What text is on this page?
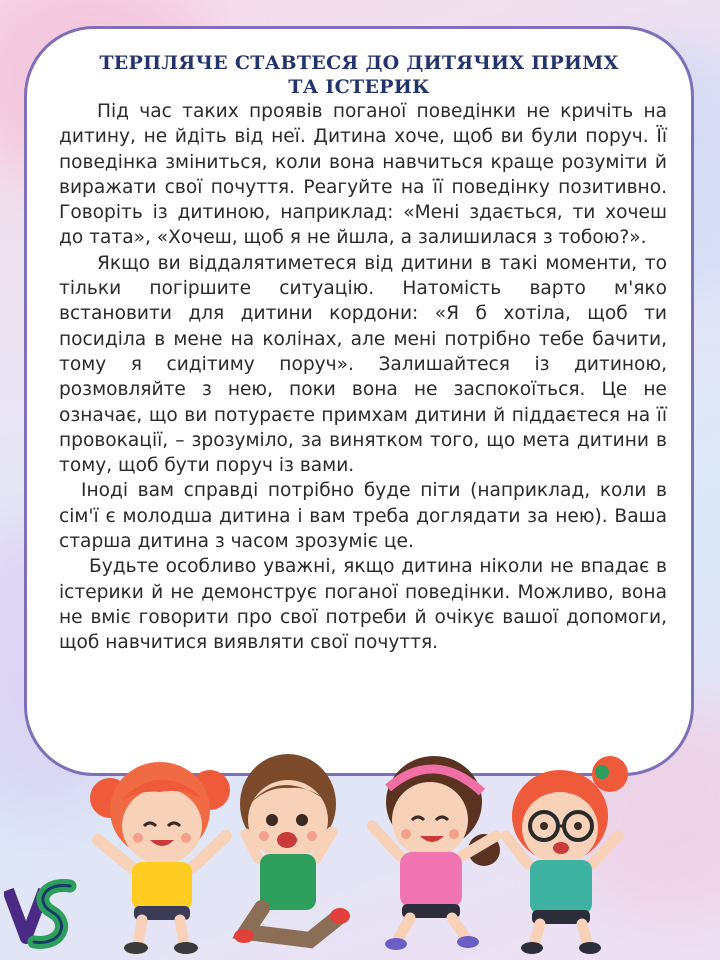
ТЕРПЛЯЧЕ СТАВТЕСЯ ДО ДИТЯЧИХ ПРИМХ
ТА ІСТЕРИК

Під час таких проявів поганої поведінки не кричіть на дитину, не йдіть від неї. Дитина хоче, щоб ви були поруч. Її поведінка зміниться, коли вона навчиться краще розуміти й виражати свої почуття. Реагуйте на її поведінку позитивно. Говоріть із дитиною, наприклад: «Мені здається, ти хочеш до тата», «Хочеш, щоб я не йшла, а залишилася з тобою?».

Якщо ви віддалятиметеся від дитини в такі моменти, то тільки погіршите ситуацію. Натомість варто м'яко встановити для дитини кордони: «Я б хотіла, щоб ти посиділа в мене на колінах, але мені потрібно тебе бачити, тому я сидітиму поруч». Залишайтеся із дитиною, розмовляйте з нею, поки вона не заспокоїться. Це не означає, що ви потураєте примхам дитини й піддаєтеся на її провокації, – зрозуміло, за винятком того, що мета дитини в тому, щоб бути поруч із вами.

Іноді вам справді потрібно буде піти (наприклад, коли в сім'ї є молодша дитина і вам треба доглядати за нею). Ваша старша дитина з часом зрозуміє це.

Будьте особливо уважні, якщо дитина ніколи не впадає в істерики й не демонструє поганої поведінки. Можливо, вона не вміє говорити про свої потреби й очікує вашої допомоги, щоб навчитися виявляти свої почуття.
